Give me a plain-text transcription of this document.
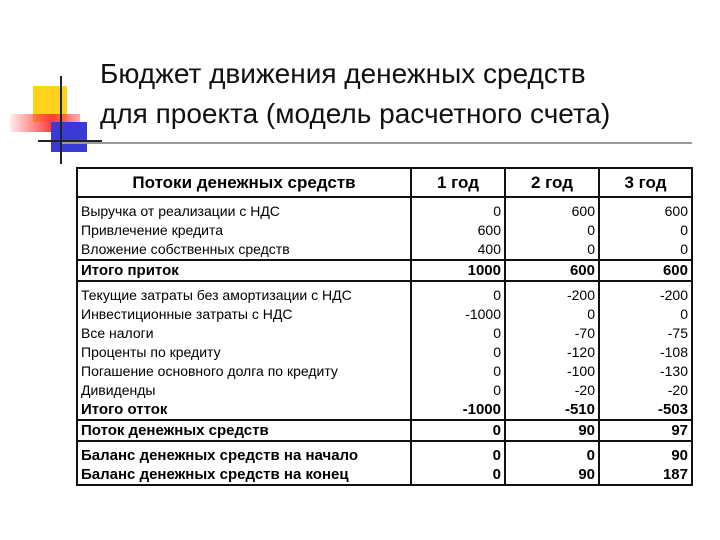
Бюджет движения денежных средств
для проекта (модель расчетного счета)
Потоки денежных средств	1 год	2 год	3 год
Выручка от реализации с НДС	0	600	600
Привлечение кредита	600	0	0
Вложение собственных средств	400	0	0
Итого приток	1000	600	600
Текущие затраты без амортизации с НДС	0	-200	-200
Инвестиционные затраты с НДС	-1000	0	0
Все налоги	0	-70	-75
Проценты по кредиту	0	-120	-108
Погашение основного долга по кредиту	0	-100	-130
Дивиденды	0	-20	-20
Итого отток	-1000	-510	-503
Поток денежных средств	0	90	97
Баланс денежных средств на начало	0	0	90
Баланс денежных средств на конец	0	90	187
